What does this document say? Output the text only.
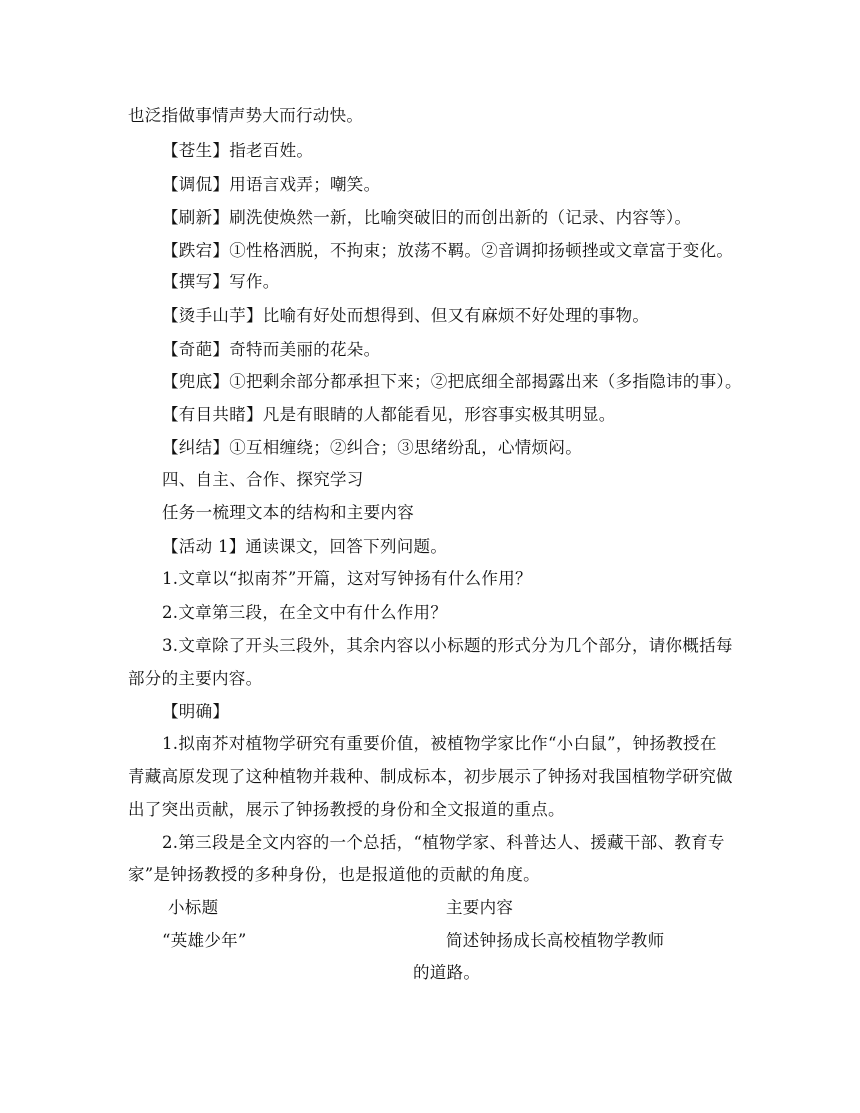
也泛指做事情声势大而行动快。
【苍生】指老百姓。
【调侃】用语言戏弄；嘲笑。
【刷新】刷洗使焕然一新，比喻突破旧的而创出新的（记录、内容等）。
【跌宕】①性格洒脱，不拘束；放荡不羁。②音调抑扬顿挫或文章富于变化。
【撰写】写作。
【烫手山芋】比喻有好处而想得到、但又有麻烦不好处理的事物。
【奇葩】奇特而美丽的花朵。
【兜底】①把剩余部分都承担下来；②把底细全部揭露出来（多指隐讳的事）。
【有目共睹】凡是有眼睛的人都能看见，形容事实极其明显。
【纠结】①互相缠绕；②纠合；③思绪纷乱，心情烦闷。
四、自主、合作、探究学习
任务一梳理文本的结构和主要内容
【活动 1】通读课文，回答下列问题。
1.文章以“拟南芥”开篇，这对写钟扬有什么作用？
2.文章第三段，在全文中有什么作用？
3.文章除了开头三段外，其余内容以小标题的形式分为几个部分，请你概括每
部分的主要内容。
【明确】
1.拟南芥对植物学研究有重要价值，被植物学家比作“小白鼠”，钟扬教授在
青藏高原发现了这种植物并栽种、制成标本，初步展示了钟扬对我国植物学研究做
出了突出贡献，展示了钟扬教授的身份和全文报道的重点。
2.第三段是全文内容的一个总括，“植物学家、科普达人、援藏干部、教育专
家”是钟扬教授的多种身份，也是报道他的贡献的角度。
小标题	主要内容
“英雄少年”	简述钟扬成长高校植物学教师
的道路。
